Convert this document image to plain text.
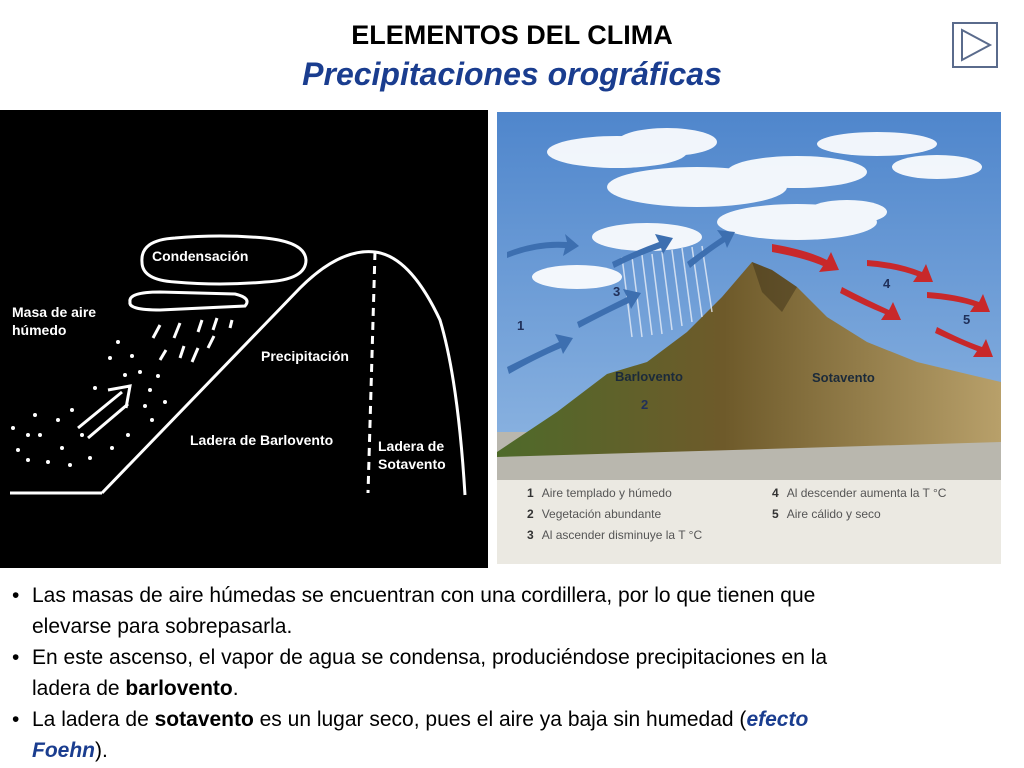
ELEMENTOS DEL CLIMA
Precipitaciones orográficas
Condensación
Masa de aire
húmedo
Precipitación
Ladera de Barlovento	Ladera de
Sotavento
1
2
3
4
5
Barlovento	Sotavento
1 Aire templado y húmedo
2 Vegetación abundante
3 Al ascender disminuye la T °C
4 Al descender aumenta la T °C
5 Aire cálido y seco
• Las masas de aire húmedas se encuentran con una cordillera, por lo que tienen que
elevarse para sobrepasarla.
• En este ascenso, el vapor de agua se condensa, produciéndose precipitaciones en la
ladera de barlovento.
• La ladera de sotavento es un lugar seco, pues el aire ya baja sin humedad (efecto
Foehn).
